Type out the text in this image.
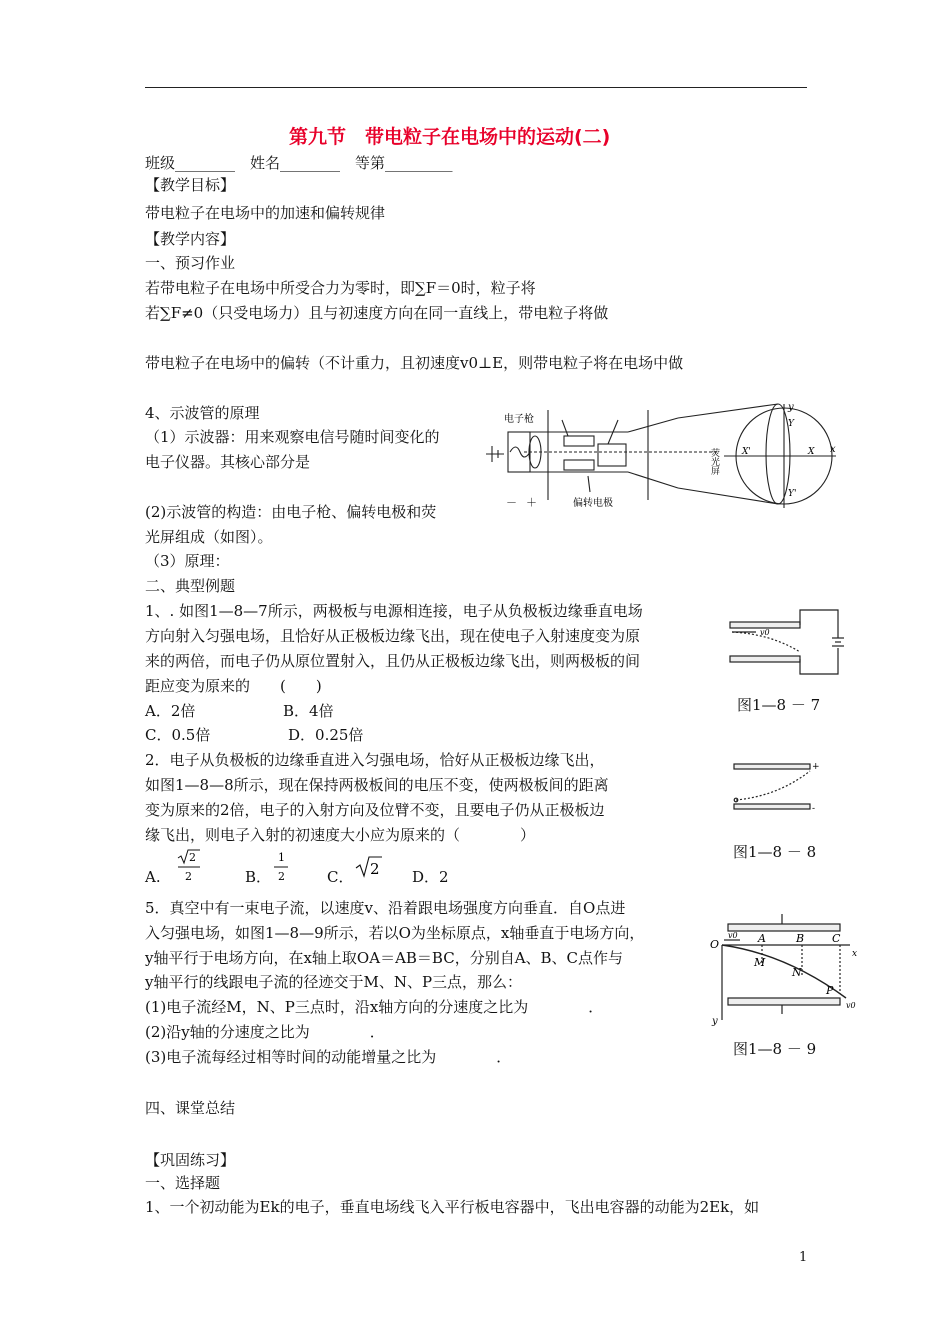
第九节　带电粒子在电场中的运动(二)
班级________　姓名________　等第_________
【教学目标】
带电粒子在电场中的加速和偏转规律
【教学内容】
一、预习作业
若带电粒子在电场中所受合力为零时，即∑F＝0时，粒子将
若∑F≠0（只受电场力）且与初速度方向在同一直线上，带电粒子将做
带电粒子在电场中的偏转（不计重力，且初速度v0⊥E，则带电粒子将在电场中做
4、示波管的原理
（1）示波器：用来观察电信号随时间变化的
电子仪器。其核心部分是
(2)示波管的构造：由电子枪、偏转电极和荧
光屏组成（如图）。
（3）原理：
电子枪
偏转电极
荧光屏
－ ＋
y
x
Y
Y'
X'	X
二、典型例题
1、. 如图1—8—7所示，两极板与电源相连接，电子从负极板边缘垂直电场
方向射入匀强电场，且恰好从正极板边缘飞出，现在使电子入射速度变为原
来的两倍，而电子仍从原位置射入，且仍从正极板边缘飞出，则两极板的间
距应变为原来的　　(　　)
A．2倍	B．4倍
C．0.5倍	D．0.25倍
v0
图1—8 － 7
2．电子从负极板的边缘垂直进入匀强电场，恰好从正极板边缘飞出，
如图1—8—8所示，现在保持两极板间的电压不变，使两极板间的距离
变为原来的2倍，电子的入射方向及位臂不变，且要电子仍从正极板边
缘飞出，则电子入射的初速度大小应为原来的（　　　　）
A.
2
2	B．
1
2	C． 2 D．2
+
-
图1—8 － 8
5．真空中有一束电子流，以速度v、沿着跟电场强度方向垂直．自O点进
入匀强电场，如图1—8—9所示，若以O为坐标原点，x轴垂直于电场方向，
y轴平行于电场方向，在x轴上取OA＝AB＝BC，分别自A、B、C点作与
y轴平行的线跟电子流的径迹交于M、N、P三点，那么：
(1)电子流经M，N、P三点时，沿x轴方向的分速度之比为　　　　．
(2)沿y轴的分速度之比为　　　　．
(3)电子流每经过相等时间的动能增量之比为　　　　．
O	A	B	C
M
N
P
x
y
v0
v0
图1—8 － 9
四、课堂总结
【巩固练习】
一、选择题
1、一个初动能为Ek的电子，垂直电场线飞入平行板电容器中，飞出电容器的动能为2Ek，如
1
